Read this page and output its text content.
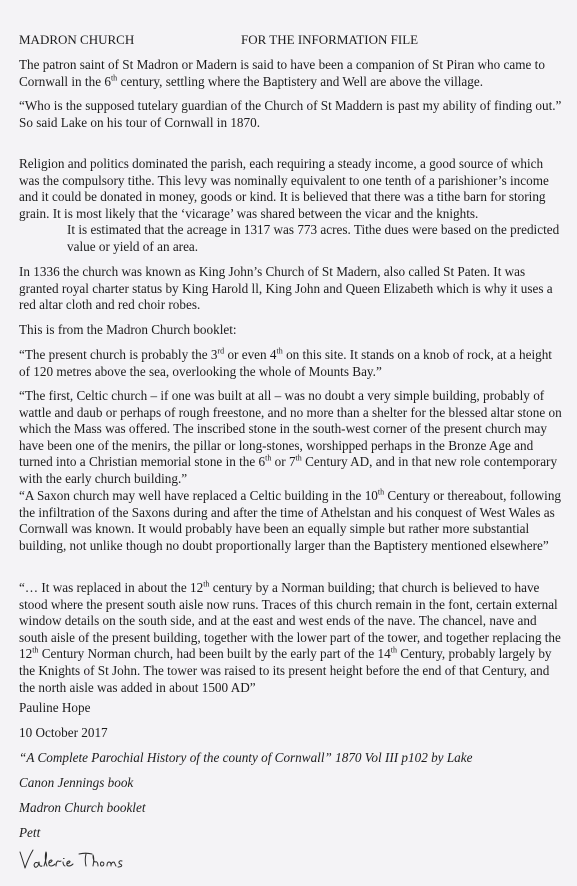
MADRON CHURCH	FOR THE INFORMATION FILE

The patron saint of St Madron or Madern is said to have been a companion of St Piran who came to Cornwall in the 6th century, settling where the Baptistery and Well are above the village.

“Who is the supposed tutelary guardian of the Church of St Maddern is past my ability of finding out.” So said Lake on his tour of Cornwall in 1870.

Religion and politics dominated the parish, each requiring a steady income, a good source of which was the compulsory tithe. This levy was nominally equivalent to one tenth of a parishioner’s income and it could be donated in money, goods or kind. It is believed that there was a tithe barn for storing grain. It is most likely that the ‘vicarage’ was shared between the vicar and the knights.

It is estimated that the acreage in 1317 was 773 acres. Tithe dues were based on the predicted value or yield of an area.

In 1336 the church was known as King John’s Church of St Madern, also called St Paten. It was granted royal charter status by King Harold ll, King John and Queen Elizabeth which is why it uses a red altar cloth and red choir robes.

This is from the Madron Church booklet:

“The present church is probably the 3rd or even 4th on this site. It stands on a knob of rock, at a height of 120 metres above the sea, overlooking the whole of Mounts Bay.”

“The first, Celtic church – if one was built at all – was no doubt a very simple building, probably of wattle and daub or perhaps of rough freestone, and no more than a shelter for the blessed altar stone on which the Mass was offered. The inscribed stone in the south-west corner of the present church may have been one of the menirs, the pillar or long-stones, worshipped perhaps in the Bronze Age and turned into a Christian memorial stone in the 6th or 7th Century AD, and in that new role contemporary with the early church building.”

“A Saxon church may well have replaced a Celtic building in the 10th Century or thereabout, following the infiltration of the Saxons during and after the time of Athelstan and his conquest of West Wales as Cornwall was known. It would probably have been an equally simple but rather more substantial building, not unlike though no doubt proportionally larger than the Baptistery mentioned elsewhere”

“… It was replaced in about the 12th century by a Norman building; that church is believed to have stood where the present south aisle now runs. Traces of this church remain in the font, certain external window details on the south side, and at the east and west ends of the nave. The chancel, nave and south aisle of the present building, together with the lower part of the tower, and together replacing the 12th Century Norman church, had been built by the early part of the 14th Century, probably largely by the Knights of St John. The tower was raised to its present height before the end of that Century, and the north aisle was added in about 1500 AD”

Pauline Hope

10 October 2017

“A Complete Parochial History of the county of Cornwall” 1870 Vol III p102 by Lake

Canon Jennings book

Madron Church booklet

Pett
